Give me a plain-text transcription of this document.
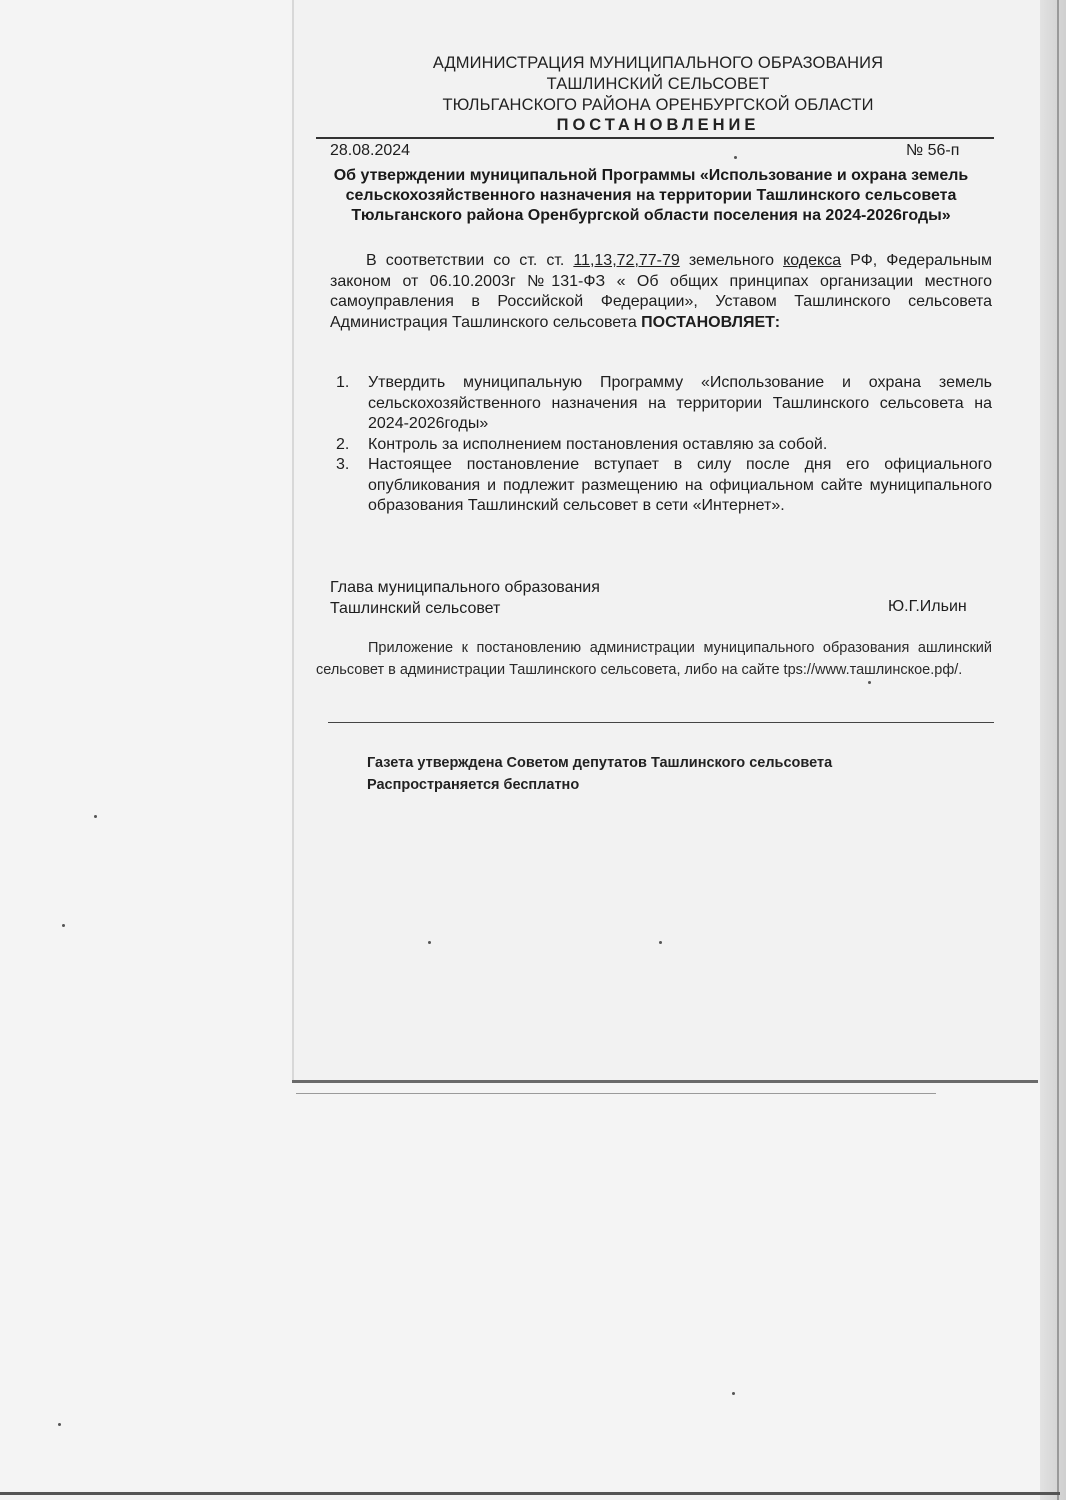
АДМИНИСТРАЦИЯ МУНИЦИПАЛЬНОГО ОБРАЗОВАНИЯ
ТАШЛИНСКИЙ СЕЛЬСОВЕТ
ТЮЛЬГАНСКОГО РАЙОНА ОРЕНБУРГСКОЙ ОБЛАСТИ
ПОСТАНОВЛЕНИЕ
28.08.2024	№ 56-п
Об утверждении муниципальной Программы «Использование и охрана земель сельскохозяйственного назначения на территории Ташлинского сельсовета Тюльганского района Оренбургской области поселения на 2024-2026годы»
В соответствии со ст. ст. 11,13,72,77-79 земельного кодекса РФ, Федеральным законом от 06.10.2003г №131-ФЗ « Об общих принципах организации местного самоуправления в Российской Федерации», Уставом Ташлинского сельсовета Администрация Ташлинского сельсовета ПОСТАНОВЛЯЕТ:
1. Утвердить муниципальную Программу «Использование и охрана земель сельскохозяйственного назначения на территории Ташлинского сельсовета на 2024-2026годы»
2. Контроль за исполнением постановления оставляю за собой.
3. Настоящее постановление вступает в силу после дня его официального опубликования и подлежит размещению на официальном сайте муниципального образования Ташлинский сельсовет в сети «Интернет».
Глава муниципального образования
Ташлинский сельсовет	Ю.Г.Ильин
Приложение к постановлению администрации муниципального образования ашлинский сельсовет в администрации Ташлинского сельсовета, либо на сайте tps://www.ташлинское.рф/.
Газета утверждена Советом депутатов Ташлинского сельсовета
Распространяется бесплатно
